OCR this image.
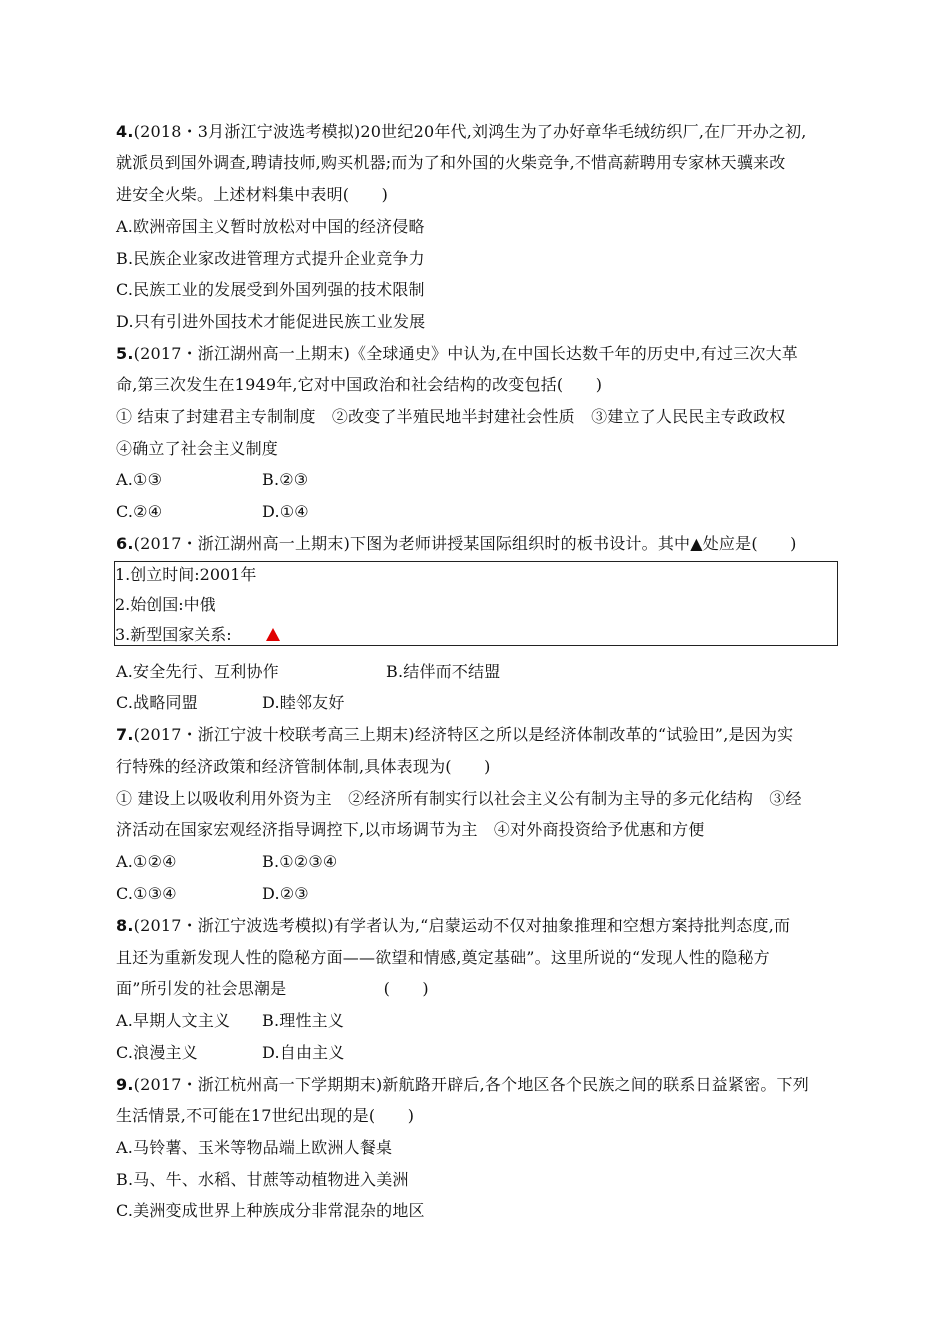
4.(2018・3月浙江宁波选考模拟)20世纪20年代,刘鸿生为了办好章华毛绒纺织厂,在厂开办之初,
就派员到国外调查,聘请技师,购买机器;而为了和外国的火柴竞争,不惜高薪聘用专家林天骥来改
进安全火柴。上述材料集中表明(　　)
A.欧洲帝国主义暂时放松对中国的经济侵略
B.民族企业家改进管理方式提升企业竞争力
C.民族工业的发展受到外国列强的技术限制
D.只有引进外国技术才能促进民族工业发展
5.(2017・浙江湖州高一上期末)《全球通史》中认为,在中国长达数千年的历史中,有过三次大革
命,第三次发生在1949年,它对中国政治和社会结构的改变包括(　　)
① 结束了封建君主专制制度　②改变了半殖民地半封建社会性质　③建立了人民民主专政政权
④确立了社会主义制度
A.①③	B.②③
C.②④	D.①④
6.(2017・浙江湖州高一上期末)下图为老师讲授某国际组织时的板书设计。其中▲处应是(　　)
1.创立时间:2001年
2.始创国:中俄
3.新型国家关系:
A.安全先行、互利协作	B.结伴而不结盟
C.战略同盟	D.睦邻友好
7.(2017・浙江宁波十校联考高三上期末)经济特区之所以是经济体制改革的“试验田”,是因为实
行特殊的经济政策和经济管制体制,具体表现为(　　)
① 建设上以吸收利用外资为主　②经济所有制实行以社会主义公有制为主导的多元化结构　③经
济活动在国家宏观经济指导调控下,以市场调节为主　④对外商投资给予优惠和方便
A.①②④	B.①②③④
C.①③④	D.②③
8.(2017・浙江宁波选考模拟)有学者认为,“启蒙运动不仅对抽象推理和空想方案持批判态度,而
且还为重新发现人性的隐秘方面——欲望和情感,奠定基础”。这里所说的“发现人性的隐秘方
面”所引发的社会思潮是　　　　　　(　　)
A.早期人文主义 B.理性主义
C.浪漫主义	D.自由主义
9.(2017・浙江杭州高一下学期期末)新航路开辟后,各个地区各个民族之间的联系日益紧密。下列
生活情景,不可能在17世纪出现的是(　　)
A.马铃薯、玉米等物品端上欧洲人餐桌
B.马、牛、水稻、甘蔗等动植物进入美洲
C.美洲变成世界上种族成分非常混杂的地区
